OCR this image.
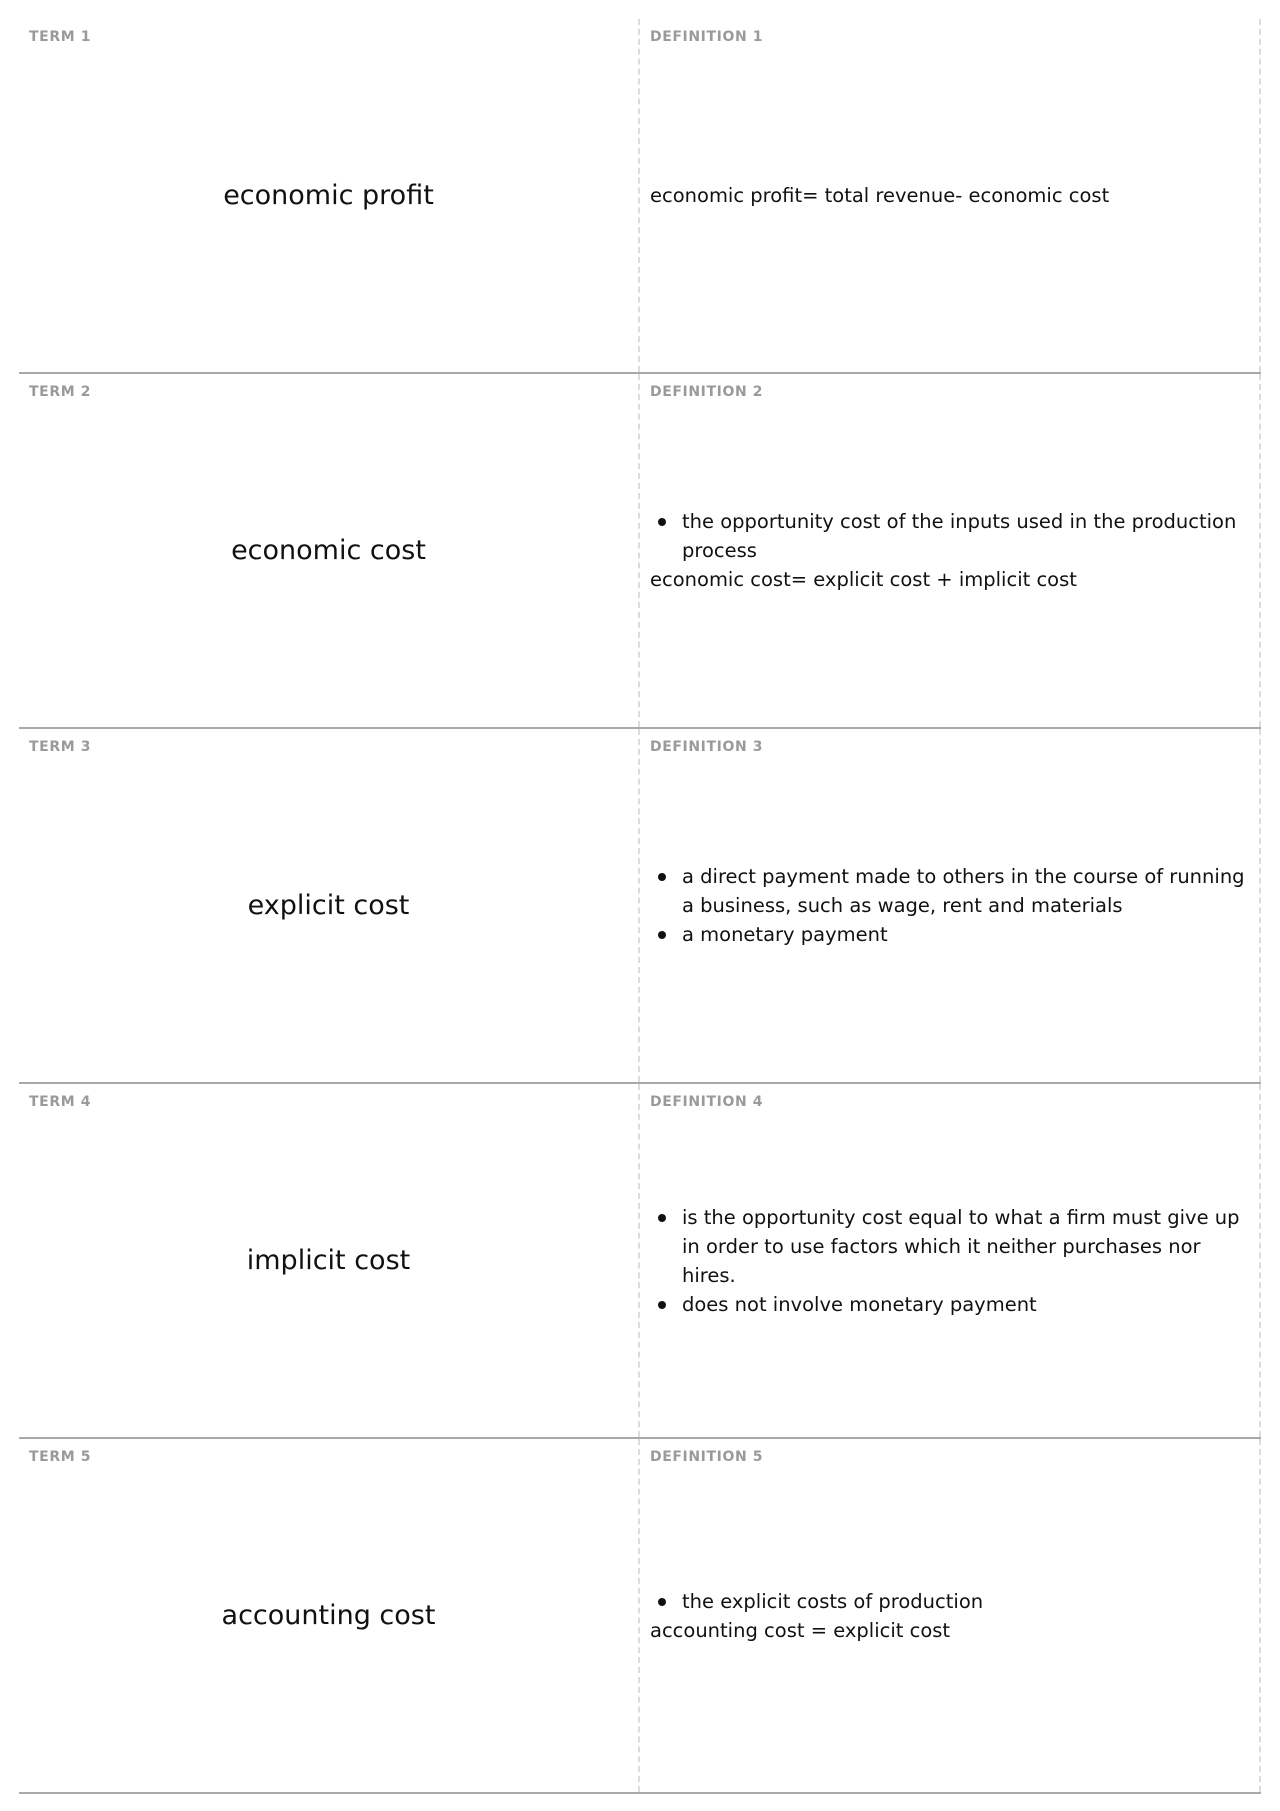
TERM 1
economic profit
DEFINITION 1
economic profit= total revenue- economic cost
TERM 2
economic cost
DEFINITION 2
the opportunity cost of the inputs used in the production process
economic cost= explicit cost + implicit cost
TERM 3
explicit cost
DEFINITION 3
a direct payment made to others in the course of running a business, such as wage, rent and materials
a monetary payment
TERM 4
implicit cost
DEFINITION 4
is the opportunity cost equal to what a firm must give up in order to use factors which it neither purchases nor hires.
does not involve monetary payment
TERM 5
accounting cost
DEFINITION 5
the explicit costs of production
accounting cost = explicit cost
